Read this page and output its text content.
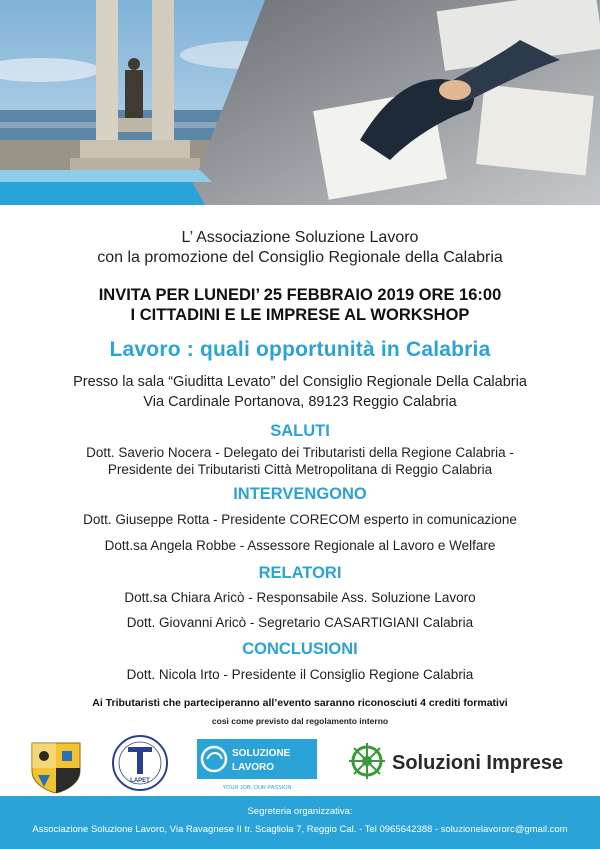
L’ Associazione Soluzione Lavoro
con la promozione del Consiglio Regionale della Calabria
INVITA PER LUNEDI’ 25 FEBBRAIO 2019 ORE 16:00
I CITTADINI E LE IMPRESE AL WORKSHOP
Lavoro : quali opportunità in Calabria
Presso la sala “Giuditta Levato” del Consiglio Regionale Della Calabria
Via Cardinale Portanova, 89123 Reggio Calabria
SALUTI
Dott. Saverio Nocera - Delegato dei Tributaristi della Regione Calabria -
Presidente dei Tributaristi Città Metropolitana di Reggio Calabria
INTERVENGONO
Dott. Giuseppe Rotta - Presidente CORECOM esperto in comunicazione
Dott.sa Angela Robbe - Assessore Regionale al Lavoro e Welfare
RELATORI
Dott.sa Chiara Aricò - Responsabile Ass. Soluzione Lavoro
Dott. Giovanni Aricò - Segretario CASARTIGIANI Calabria
CONCLUSIONI
Dott. Nicola Irto - Presidente il Consiglio Regione Calabria
Ai Tributaristi che parteciperanno all’evento saranno riconosciuti 4 crediti formativi
così come previsto dal regolamento interno
LAPET
SOLUZIONE
LAVORO
YOUR JOB, OUR PASSION
Soluzioni Imprese
Segreteria organizzativa:
Associazione Soluzione Lavoro, Via Ravagnese II tr. Scagliola 7, Reggio Cal. - Tel 0965642388 - soluzionelavororc@gmail.com
